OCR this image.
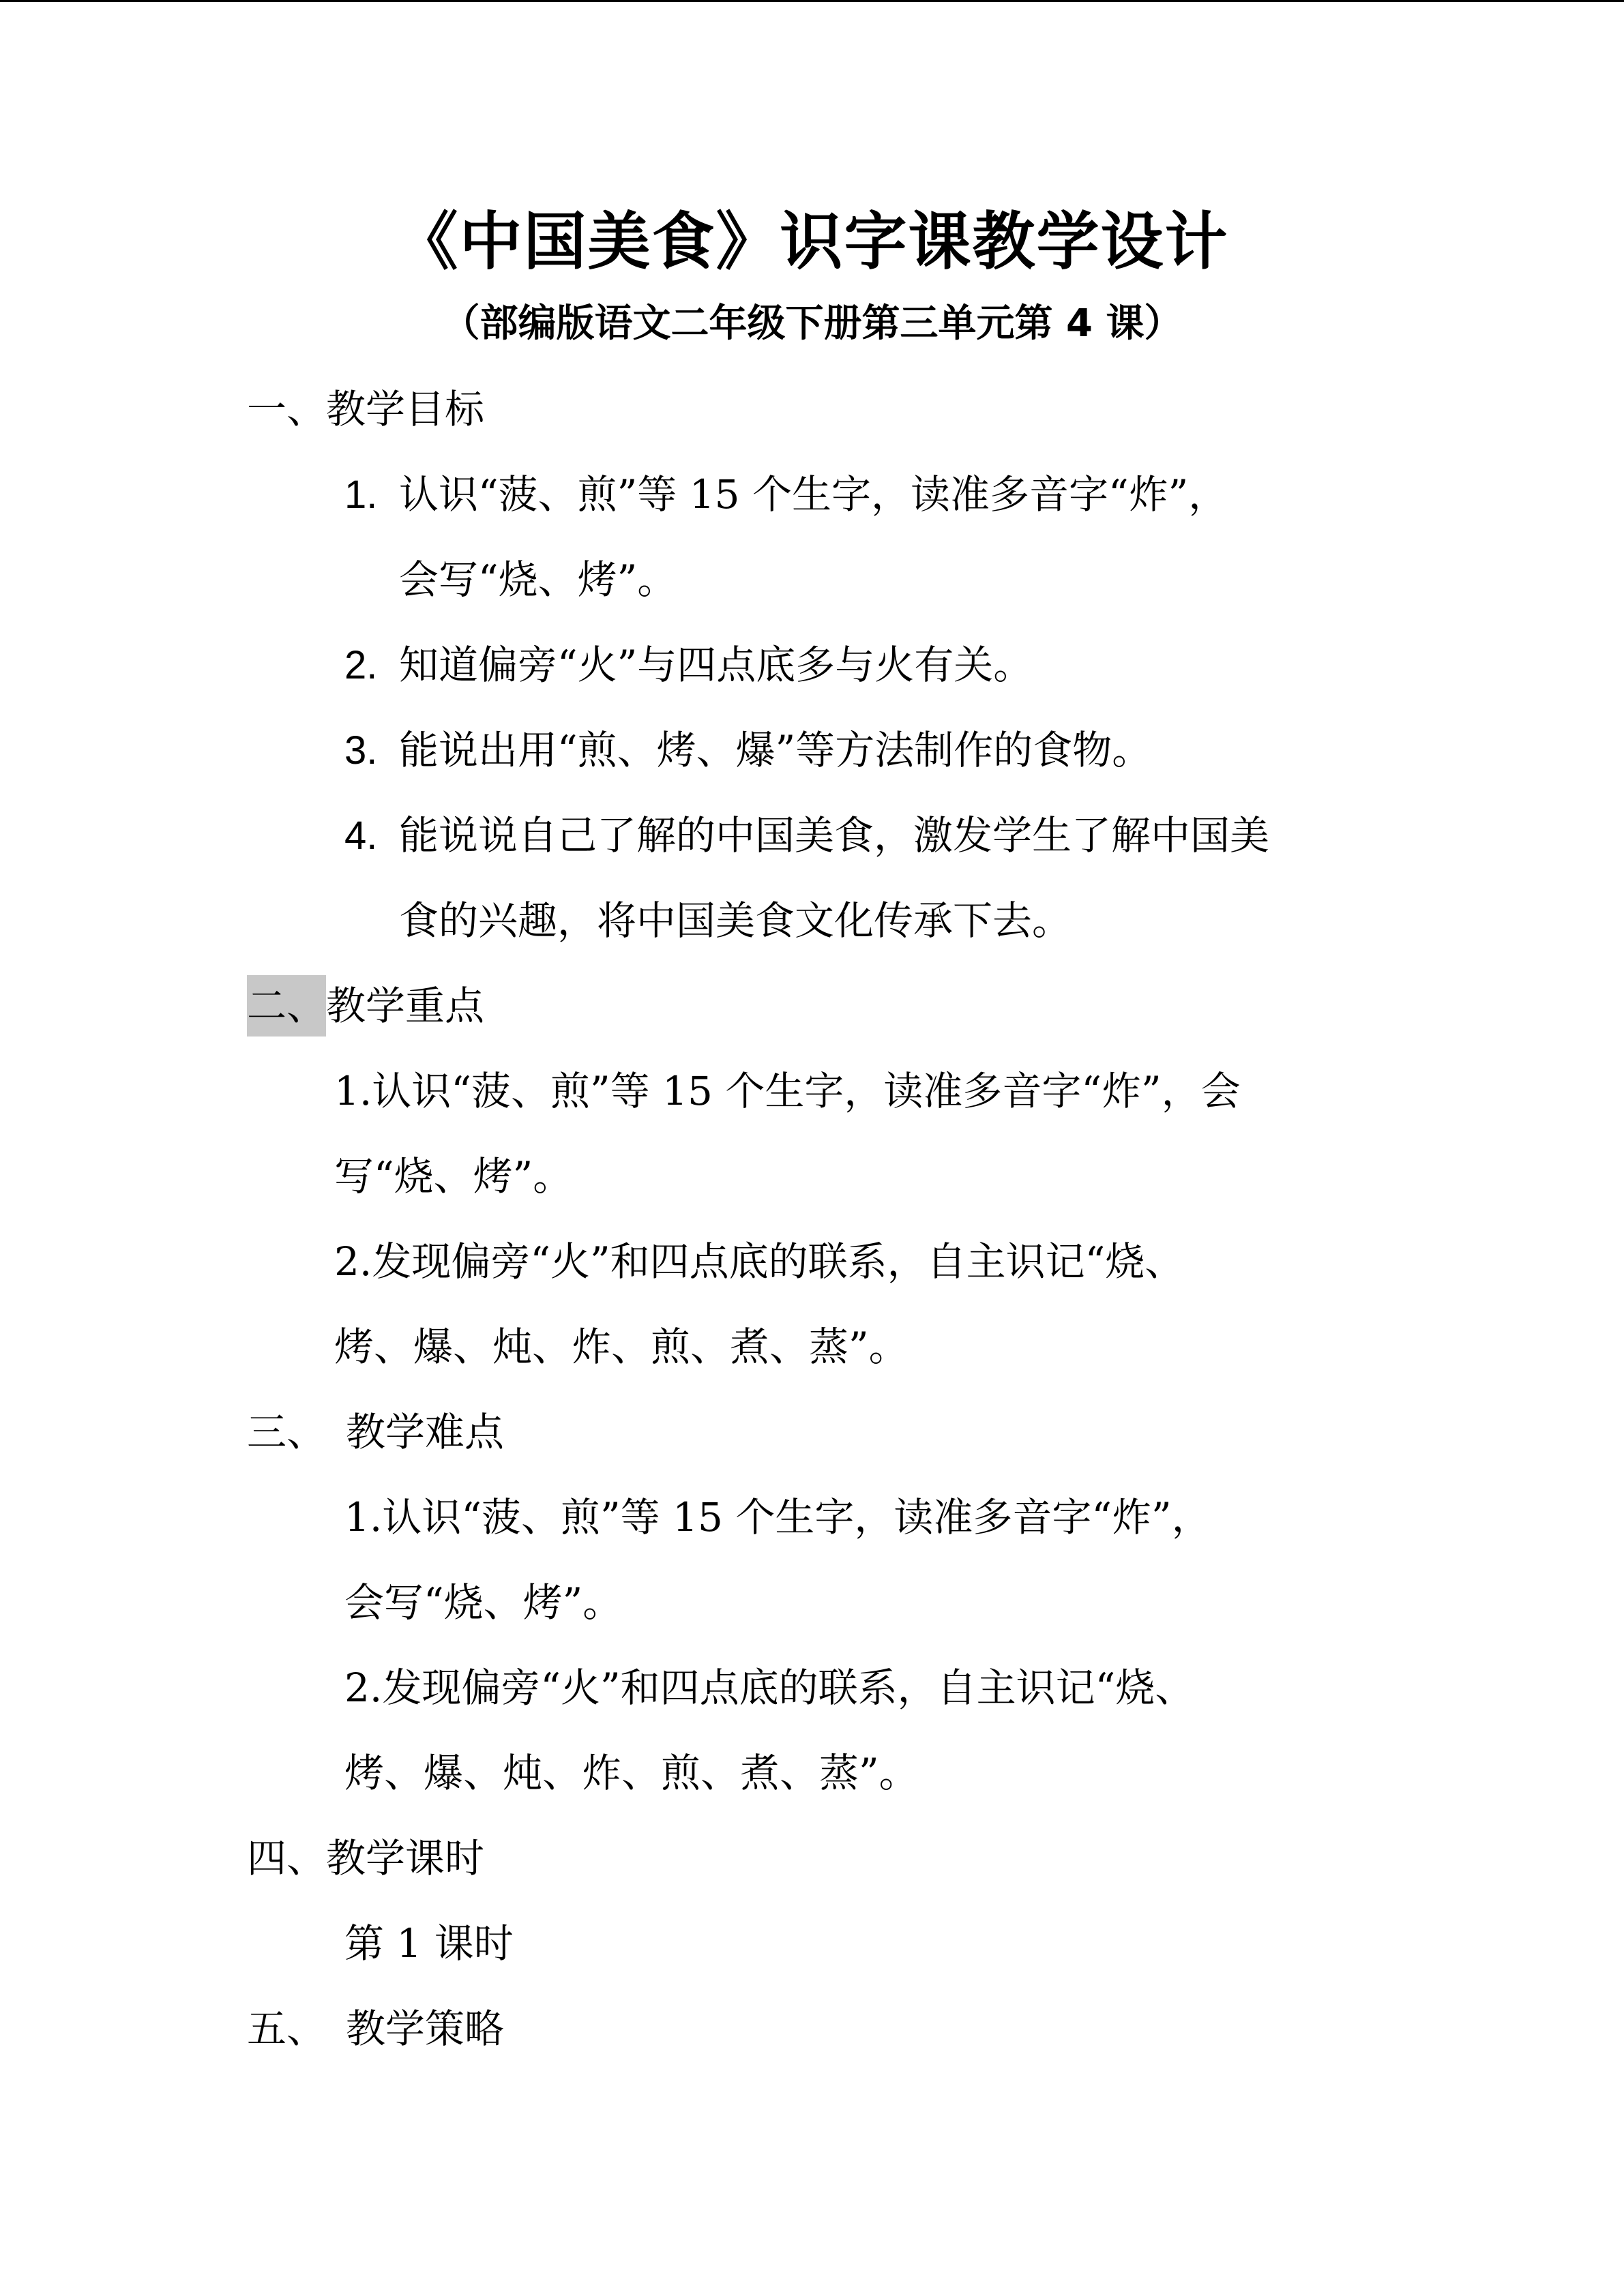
《中国美食》识字课教学设计
（部编版语文二年级下册第三单元第 4 课）
一、教学目标
1. 认识“菠、煎”等 15 个生字，读准多音字“炸”，
会写“烧、烤”。
2. 知道偏旁“火”与四点底多与火有关。
3. 能说出用“煎、烤、爆”等方法制作的食物。
4. 能说说自己了解的中国美食，激发学生了解中国美
食的兴趣，将中国美食文化传承下去。
二、教学重点
1.认识“菠、煎”等 15 个生字，读准多音字“炸”，会
写“烧、烤”。
2.发现偏旁“火”和四点底的联系，自主识记“烧、
烤、爆、炖、炸、煎、煮、蒸”。
三、 教学难点
1.认识“菠、煎”等 15 个生字，读准多音字“炸”，
会写“烧、烤”。
2.发现偏旁“火”和四点底的联系，自主识记“烧、
烤、爆、炖、炸、煎、煮、蒸”。
四、教学课时
第 1 课时
五、 教学策略
